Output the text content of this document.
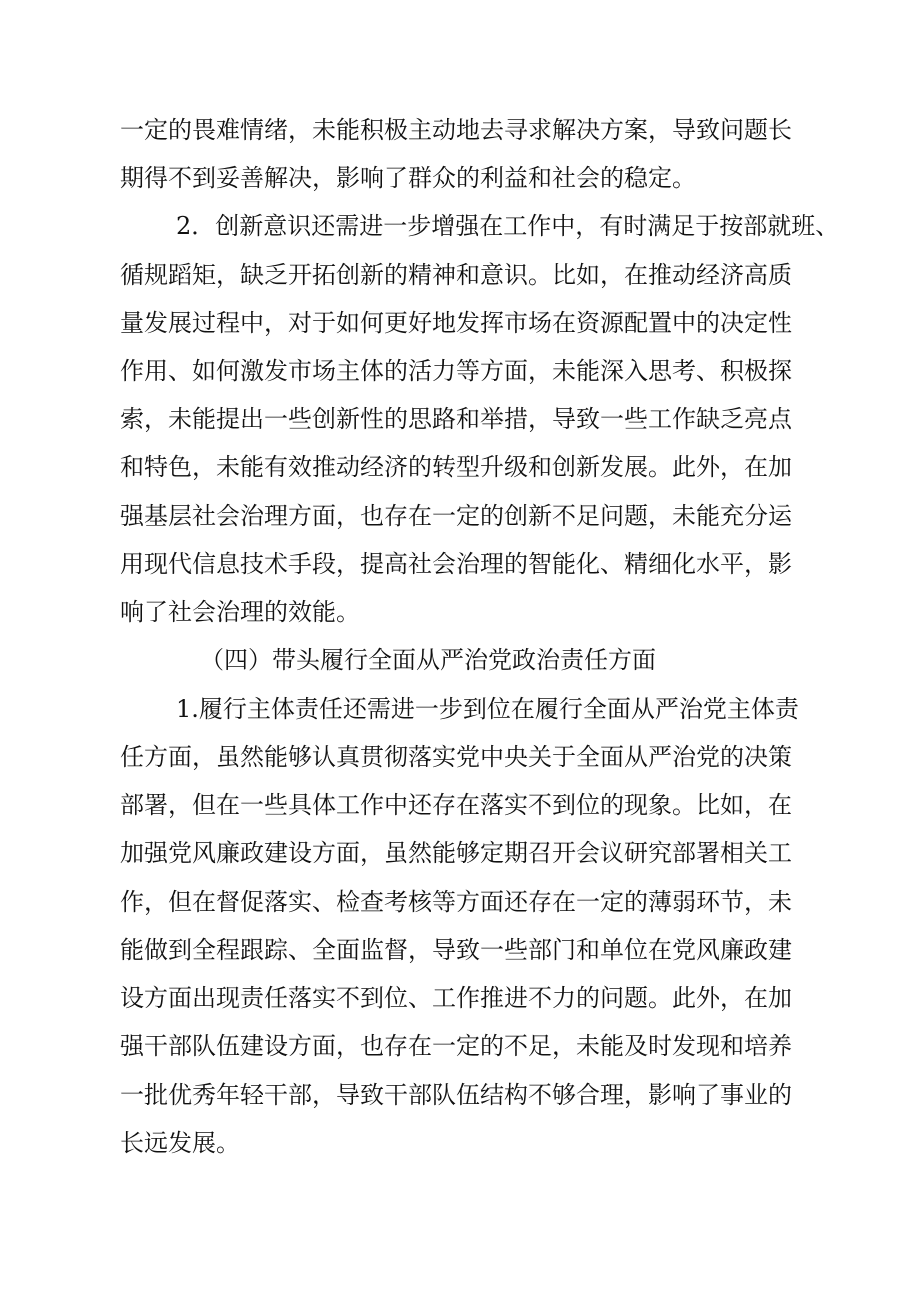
一定的畏难情绪，未能积极主动地去寻求解决方案，导致问题长
期得不到妥善解决，影响了群众的利益和社会的稳定。
2．创新意识还需进一步增强在工作中，有时满足于按部就班、
循规蹈矩，缺乏开拓创新的精神和意识。比如，在推动经济高质
量发展过程中，对于如何更好地发挥市场在资源配置中的决定性
作用、如何激发市场主体的活力等方面，未能深入思考、积极探
索，未能提出一些创新性的思路和举措，导致一些工作缺乏亮点
和特色，未能有效推动经济的转型升级和创新发展。此外，在加
强基层社会治理方面，也存在一定的创新不足问题，未能充分运
用现代信息技术手段，提高社会治理的智能化、精细化水平，影
响了社会治理的效能。
（四）带头履行全面从严治党政治责任方面
1.履行主体责任还需进一步到位在履行全面从严治党主体责
任方面，虽然能够认真贯彻落实党中央关于全面从严治党的决策
部署，但在一些具体工作中还存在落实不到位的现象。比如，在
加强党风廉政建设方面，虽然能够定期召开会议研究部署相关工
作，但在督促落实、检查考核等方面还存在一定的薄弱环节，未
能做到全程跟踪、全面监督，导致一些部门和单位在党风廉政建
设方面出现责任落实不到位、工作推进不力的问题。此外，在加
强干部队伍建设方面，也存在一定的不足，未能及时发现和培养
一批优秀年轻干部，导致干部队伍结构不够合理，影响了事业的
长远发展。
